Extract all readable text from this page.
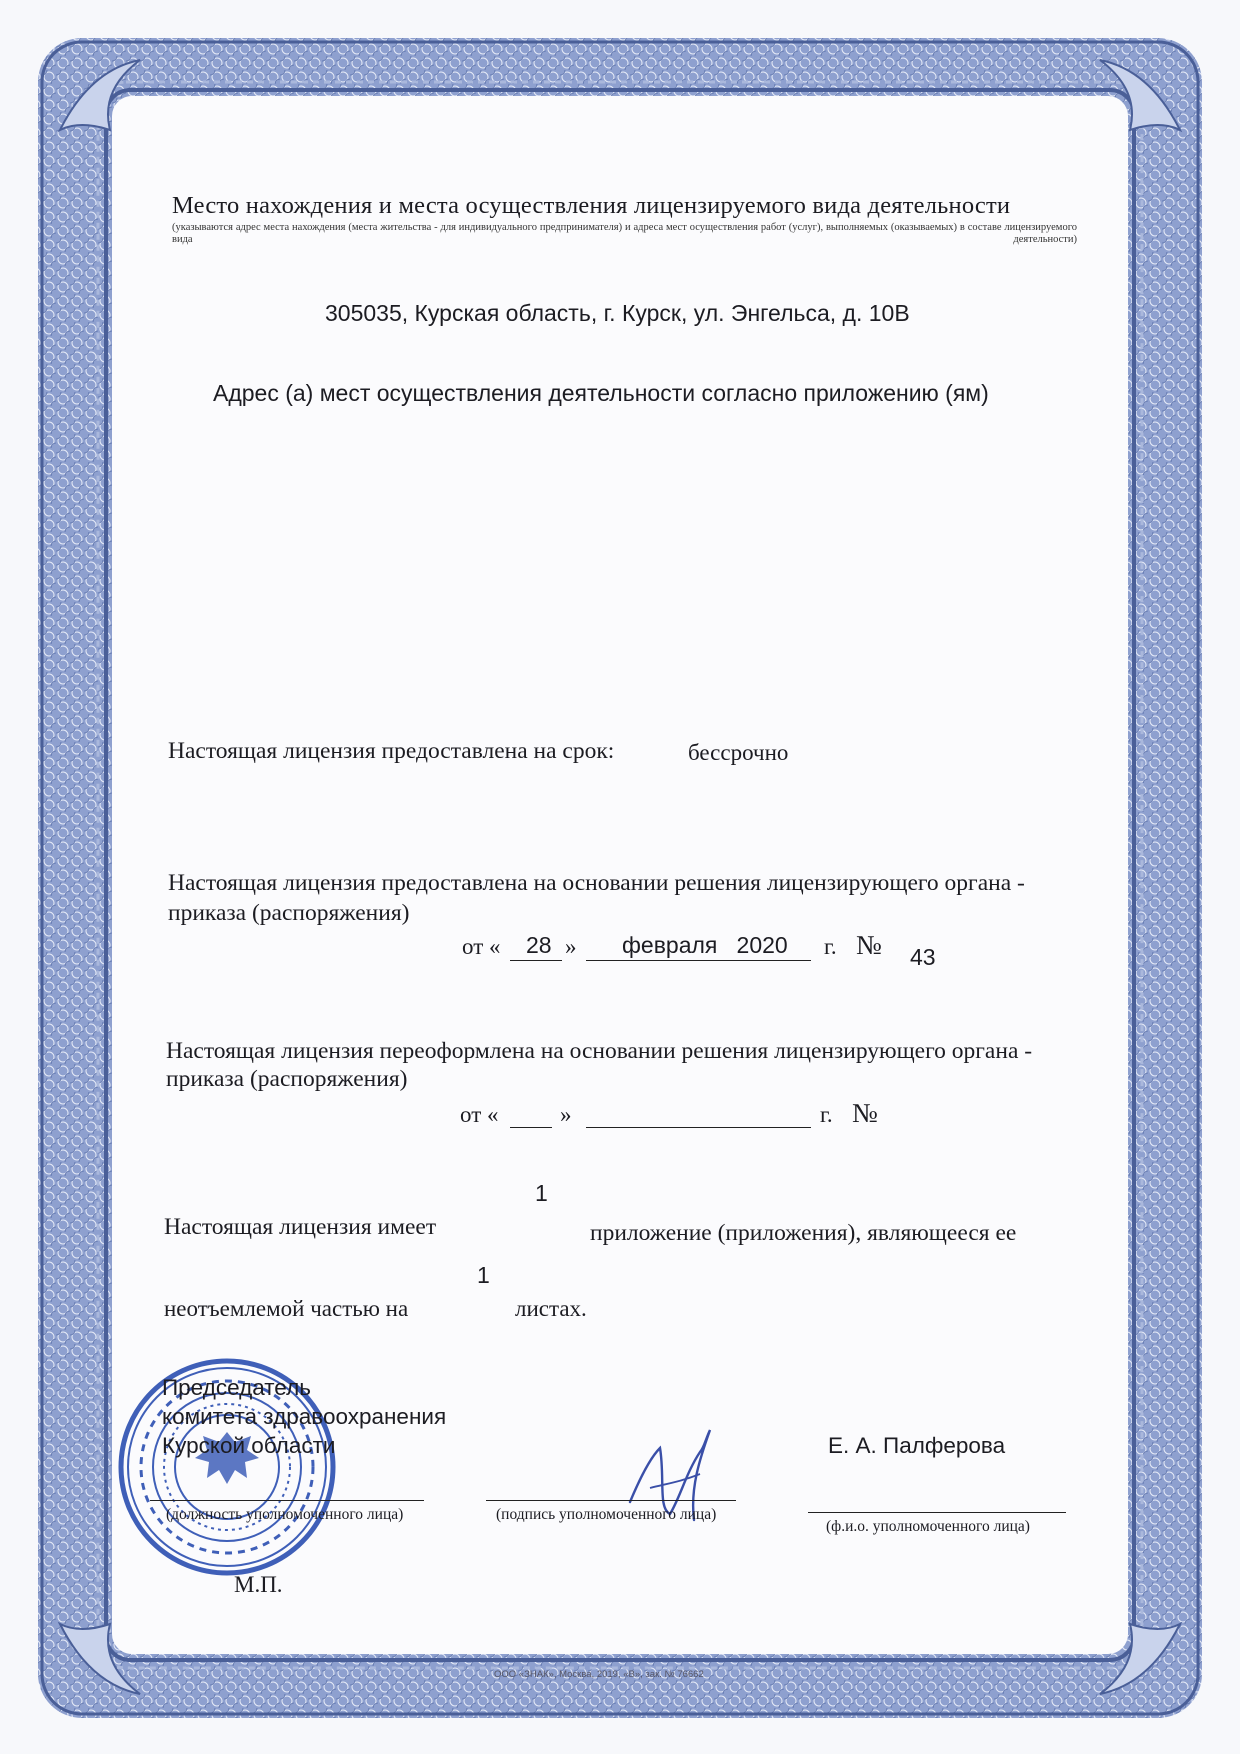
Место нахождения и места осуществления лицензируемого вида деятельности
(указываются адрес места нахождения (места жительства - для индивидуального предпринимателя) и адреса мест осуществления работ (услуг), выполняемых (оказываемых) в составе лицензируемого вида деятельности)
305035, Курская область, г. Курск, ул. Энгельса, д. 10В
Адрес (а) мест осуществления деятельности согласно приложению (ям)
Настоящая лицензия предоставлена на срок:	бессрочно
Настоящая лицензия предоставлена на основании решения лицензирующего органа -
приказа (распоряжения)
от « 28 » февраля   2020 г. № 43
Настоящая лицензия переоформлена на основании решения лицензирующего органа -
приказа (распоряжения)
от «	»	г. №
Настоящая лицензия имеет
1
приложение (приложения), являющееся ее
неотъемлемой частью на
1
листах.
Председатель
комитета здравоохранения
Курской области
(должность уполномоченного лица)	(подпись уполномоченного лица)
Е. А. Палферова
(ф.и.о. уполномоченного лица)
М.П.
ООО «ЗНАК», Москва, 2019, «В», зак. № 76662
